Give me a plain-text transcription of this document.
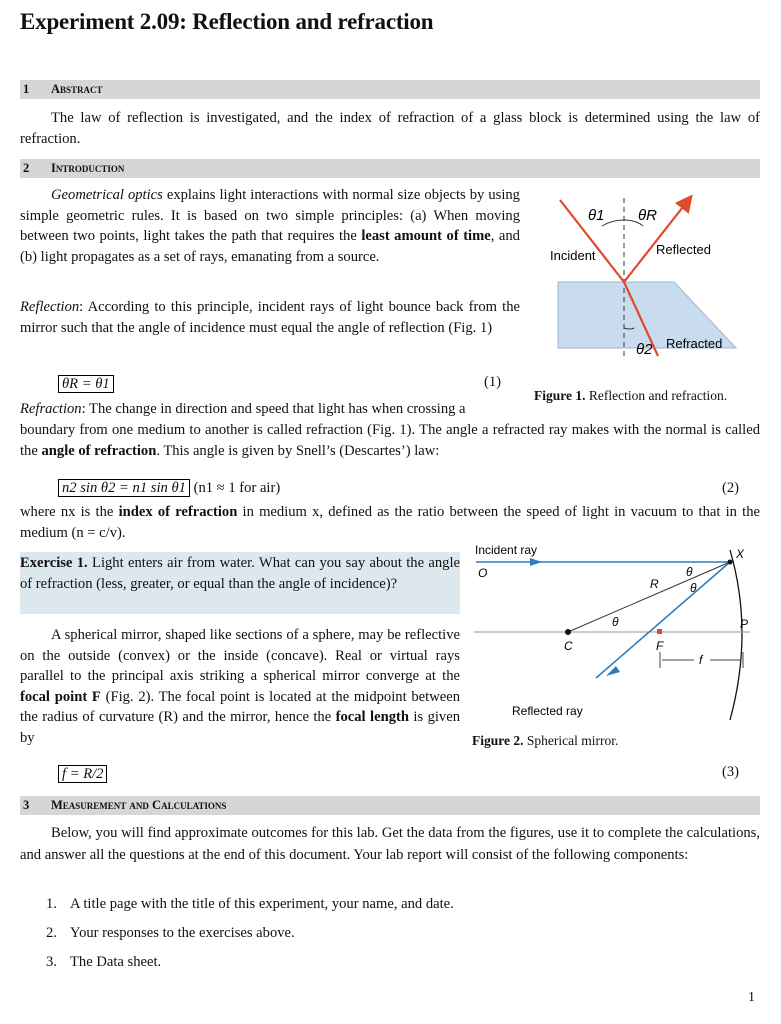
Experiment 2.09: Reflection and refraction
1 Abstract

The law of reflection is investigated, and the index of refraction of a glass block is determined using the law of refraction.

2 Introduction

Geometrical optics explains light interactions with normal size objects by using simple geometric rules. It is based on two simple principles: (a) When moving between two points, light takes the path that requires the least amount of time, and (b) light propagates as a set of rays, emanating from a source.

Reflection: According to this principle, incident rays of light bounce back from the mirror such that the angle of incidence must equal the angle of reflection (Fig. 1)

θR = θ1	(1)

Refraction: The change in direction and speed that light has when crossing a

boundary from one medium to another is called refraction (Fig. 1). The angle a refracted ray makes with the normal is called the angle of refraction. This angle is given by Snell’s (Descartes’) law:

n2 sin θ2 = n1 sin θ1 (n1 ≈ 1 for air)	(2)

where nx is the index of refraction in medium x, defined as the ratio between the speed of light in vacuum to that in the medium (n = c/v).

Exercise 1. Light enters air from water. What can you say about the angle of refraction (less, greater, or equal than the angle of incidence)?

A spherical mirror, shaped like sections of a sphere, may be reflective on the outside (convex) or the inside (concave). Real or virtual rays parallel to the principal axis striking a spherical mirror converge at the focal point F (Fig. 2). The focal point is located at the midpoint between the radius of curvature (R) and the mirror, hence the focal length is given by

f = R/2	(3)
θ1 θR
Incident	Reflected
θ2 Refracted
Figure 1. Reflection and refraction.
Incident ray
O
X
R
θ
θ
θ	P
C	F
f
Reflected ray
Figure 2. Spherical mirror.
3 Measurement and Calculations

Below, you will find approximate outcomes for this lab. Get the data from the figures, use it to complete the calculations, and answer all the questions at the end of this document. Your lab report will consist of the following components:

1. A title page with the title of this experiment, your name, and date.
2. Your responses to the exercises above.
3. The Data sheet.
1
